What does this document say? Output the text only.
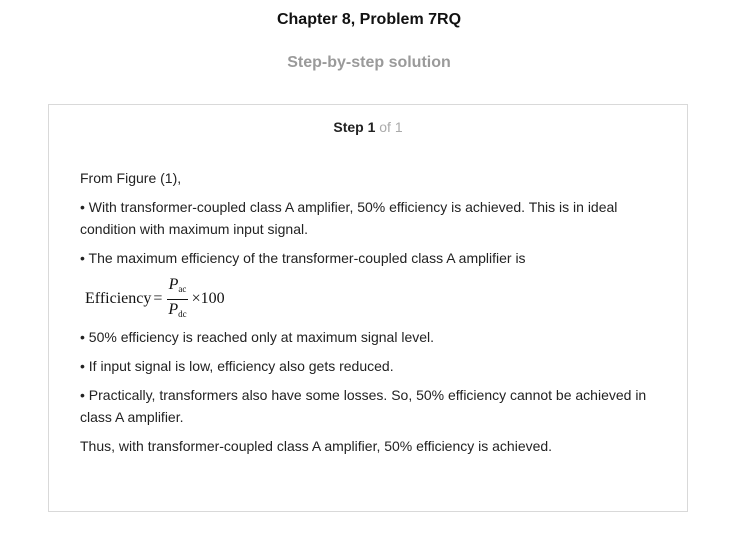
Chapter 8, Problem 7RQ
Step-by-step solution
Step 1 of 1

From Figure (1),

• With transformer-coupled class A amplifier, 50% efficiency is achieved. This is in ideal condition with maximum input signal.

• The maximum efficiency of the transformer-coupled class A amplifier is

Efficiency = $\frac{P_{ac}}{P_{dc}} \times 100$

• 50% efficiency is reached only at maximum signal level.

• If input signal is low, efficiency also gets reduced.

• Practically, transformers also have some losses. So, 50% efficiency cannot be achieved in class A amplifier.

Thus, with transformer-coupled class A amplifier, 50% efficiency is achieved.
